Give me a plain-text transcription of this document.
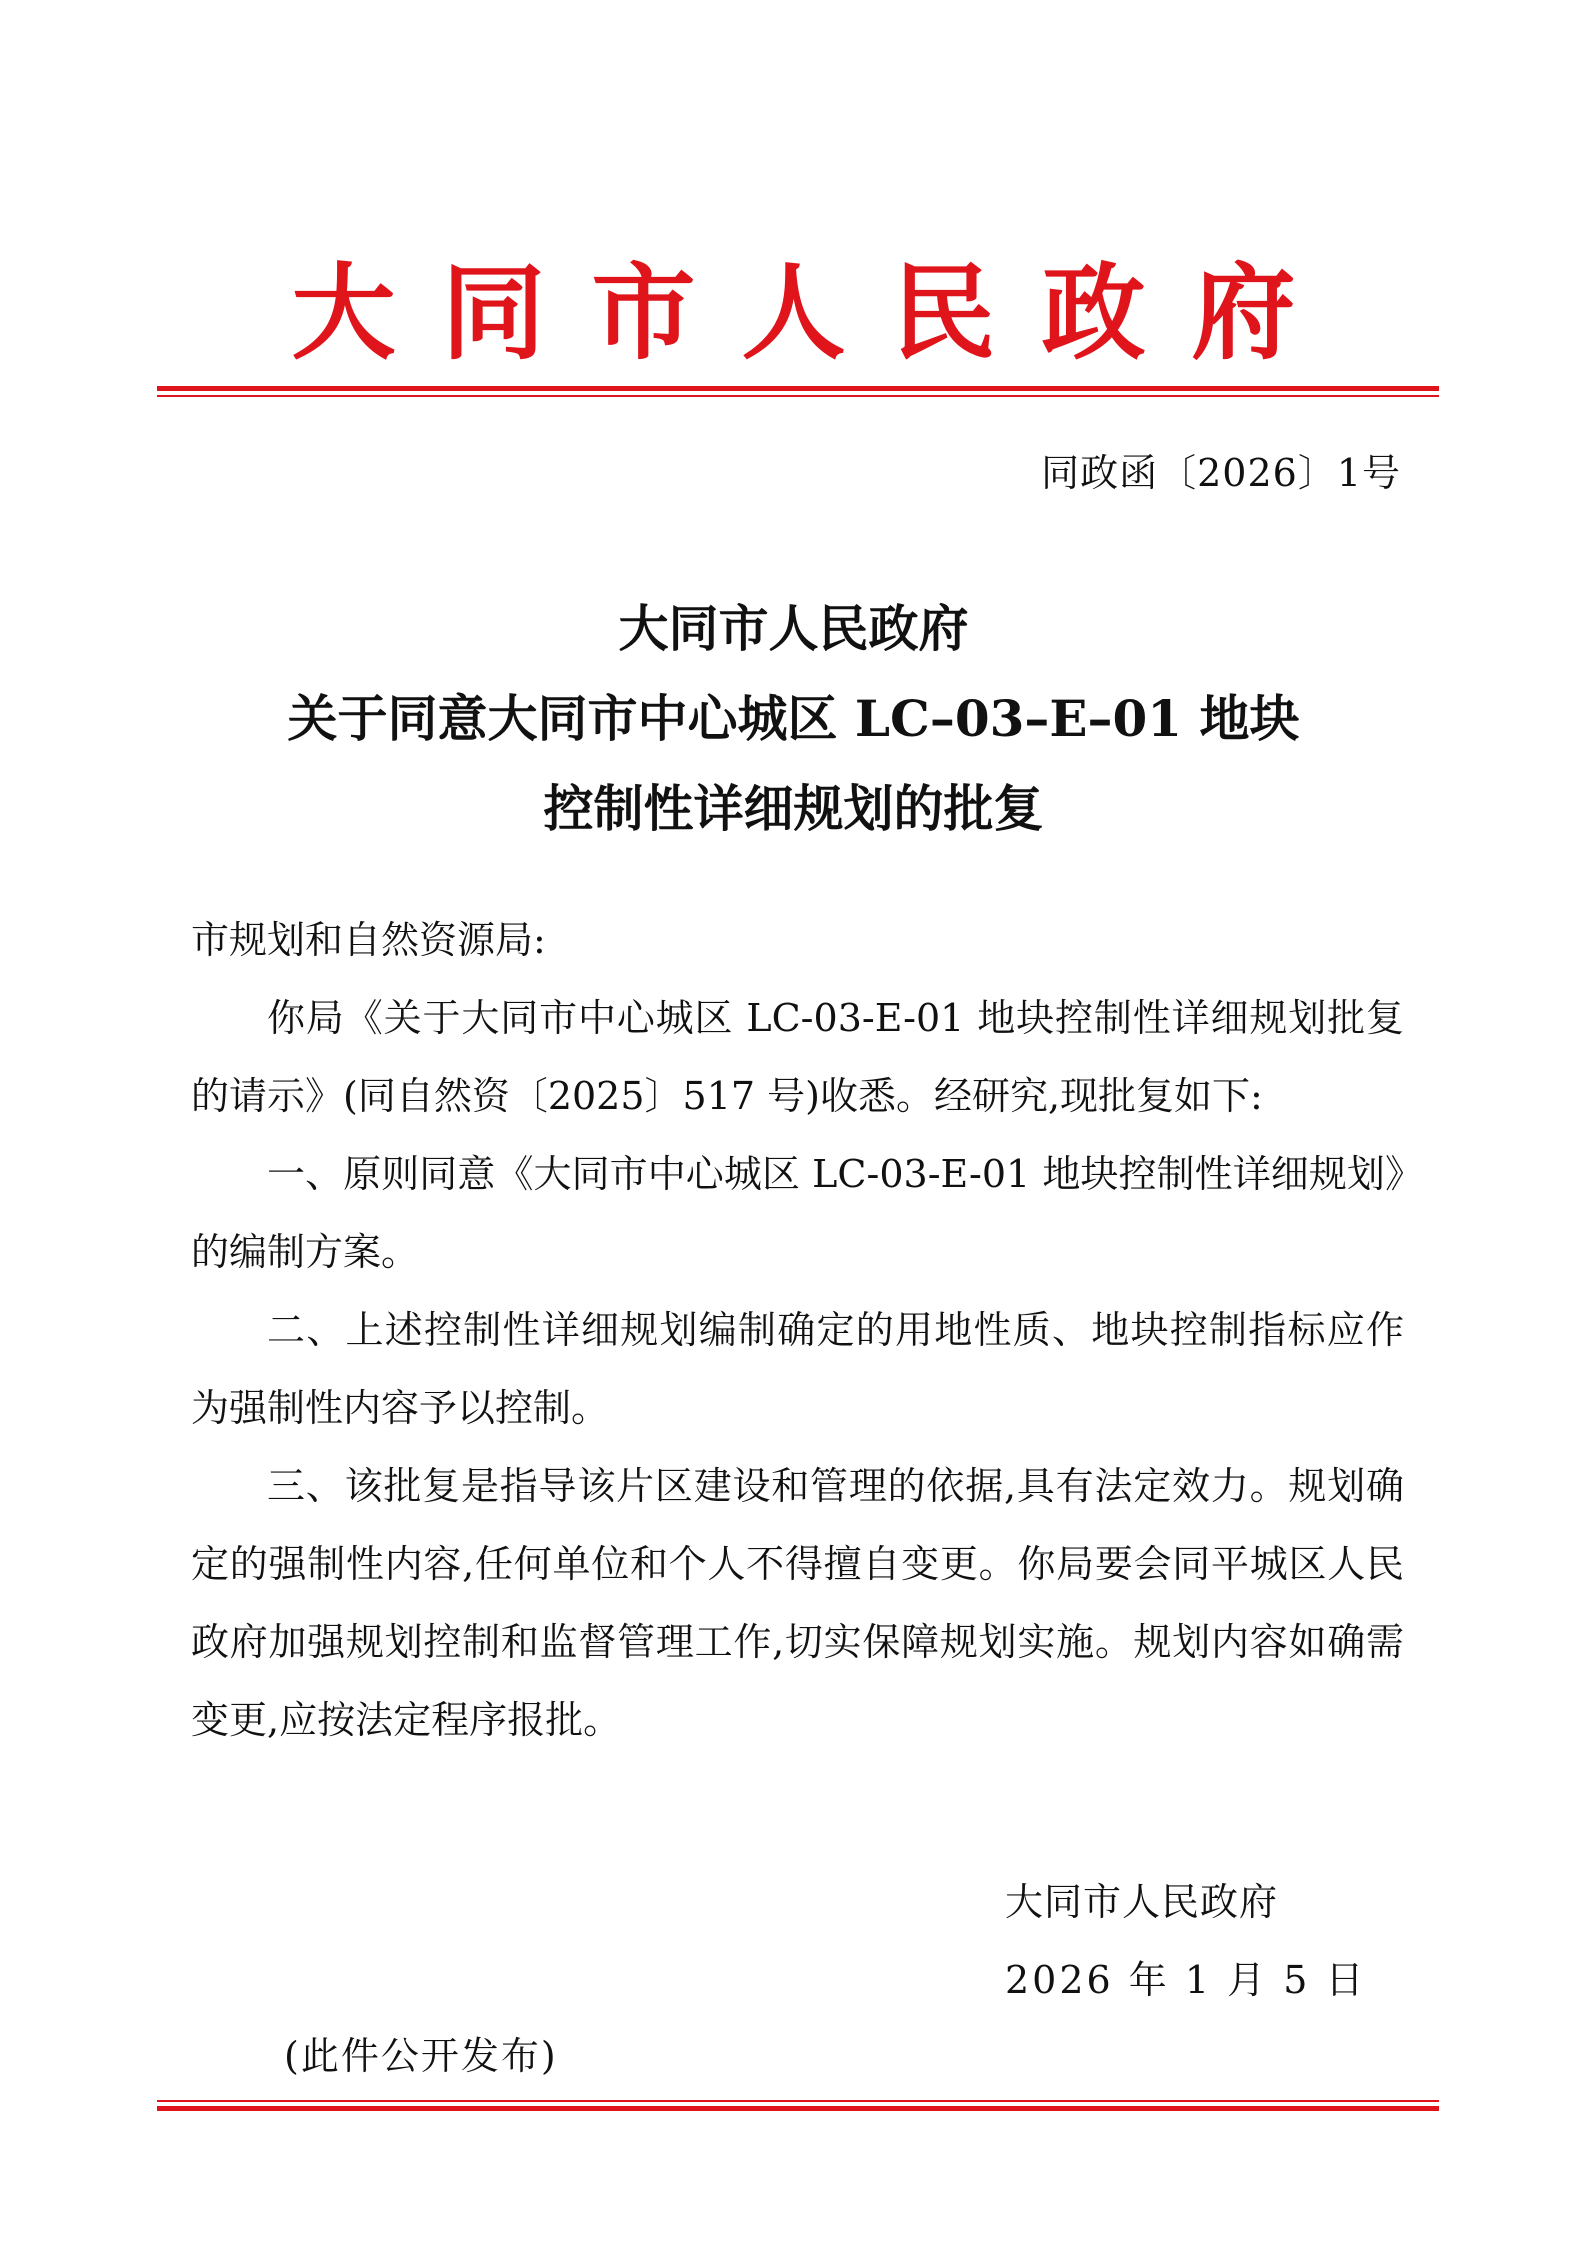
大同市人民政府
同政函〔2026〕1号
大同市人民政府
关于同意大同市中心城区 LC–03–E–01 地块
控制性详细规划的批复

市规划和自然资源局:

你局《关于大同市中心城区 LC-03-E-01 地块控制性详细规划批复的请示》(同自然资〔2025〕517 号)收悉。经研究,现批复如下:

一、原则同意《大同市中心城区 LC-03-E-01 地块控制性详细规划》的编制方案。

二、上述控制性详细规划编制确定的用地性质、地块控制指标应作为强制性内容予以控制。

三、该批复是指导该片区建设和管理的依据,具有法定效力。规划确定的强制性内容,任何单位和个人不得擅自变更。你局要会同平城区人民政府加强规划控制和监督管理工作,切实保障规划实施。规划内容如确需变更,应按法定程序报批。

大同市人民政府
2026 年 1 月 5 日
(此件公开发布)
